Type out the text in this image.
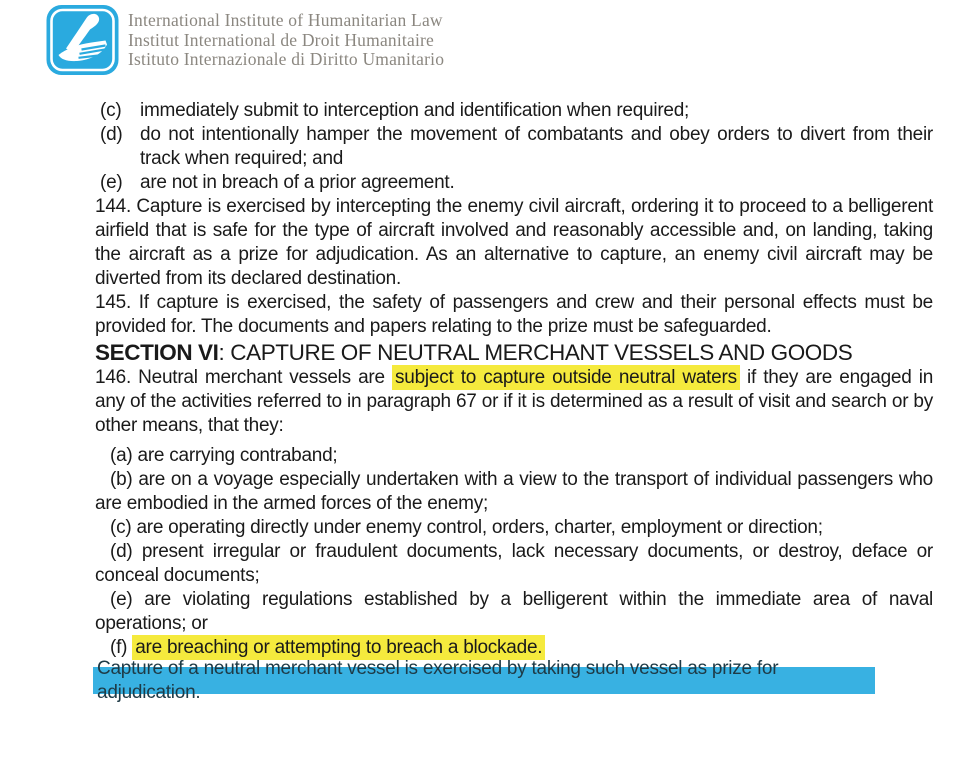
International Institute of Humanitarian Law
Institut International de Droit Humanitaire
Istituto Internazionale di Diritto Umanitario
(c) immediately submit to interception and identification when required;
(d) do not intentionally hamper the movement of combatants and obey orders to divert from their track when required; and
(e) are not in breach of a prior agreement.

144. Capture is exercised by intercepting the enemy civil aircraft, ordering it to proceed to a belligerent airfield that is safe for the type of aircraft involved and reasonably accessible and, on landing, taking the aircraft as a prize for adjudication. As an alternative to capture, an enemy civil aircraft may be diverted from its declared destination.

145. If capture is exercised, the safety of passengers and crew and their personal effects must be provided for. The documents and papers relating to the prize must be safeguarded.

SECTION VI: CAPTURE OF NEUTRAL MERCHANT VESSELS AND GOODS

146. Neutral merchant vessels are subject to capture outside neutral waters if they are engaged in any of the activities referred to in paragraph 67 or if it is determined as a result of visit and search or by other means, that they:

(a) are carrying contraband;
(b) are on a voyage especially undertaken with a view to the transport of individual passengers who are embodied in the armed forces of the enemy;
(c) are operating directly under enemy control, orders, charter, employment or direction;
(d) present irregular or fraudulent documents, lack necessary documents, or destroy, deface or conceal documents;
(e) are violating regulations established by a belligerent within the immediate area of naval operations; or
(f) are breaching or attempting to breach a blockade.
Capture of a neutral merchant vessel is exercised by taking such vessel as prize for adjudication.
